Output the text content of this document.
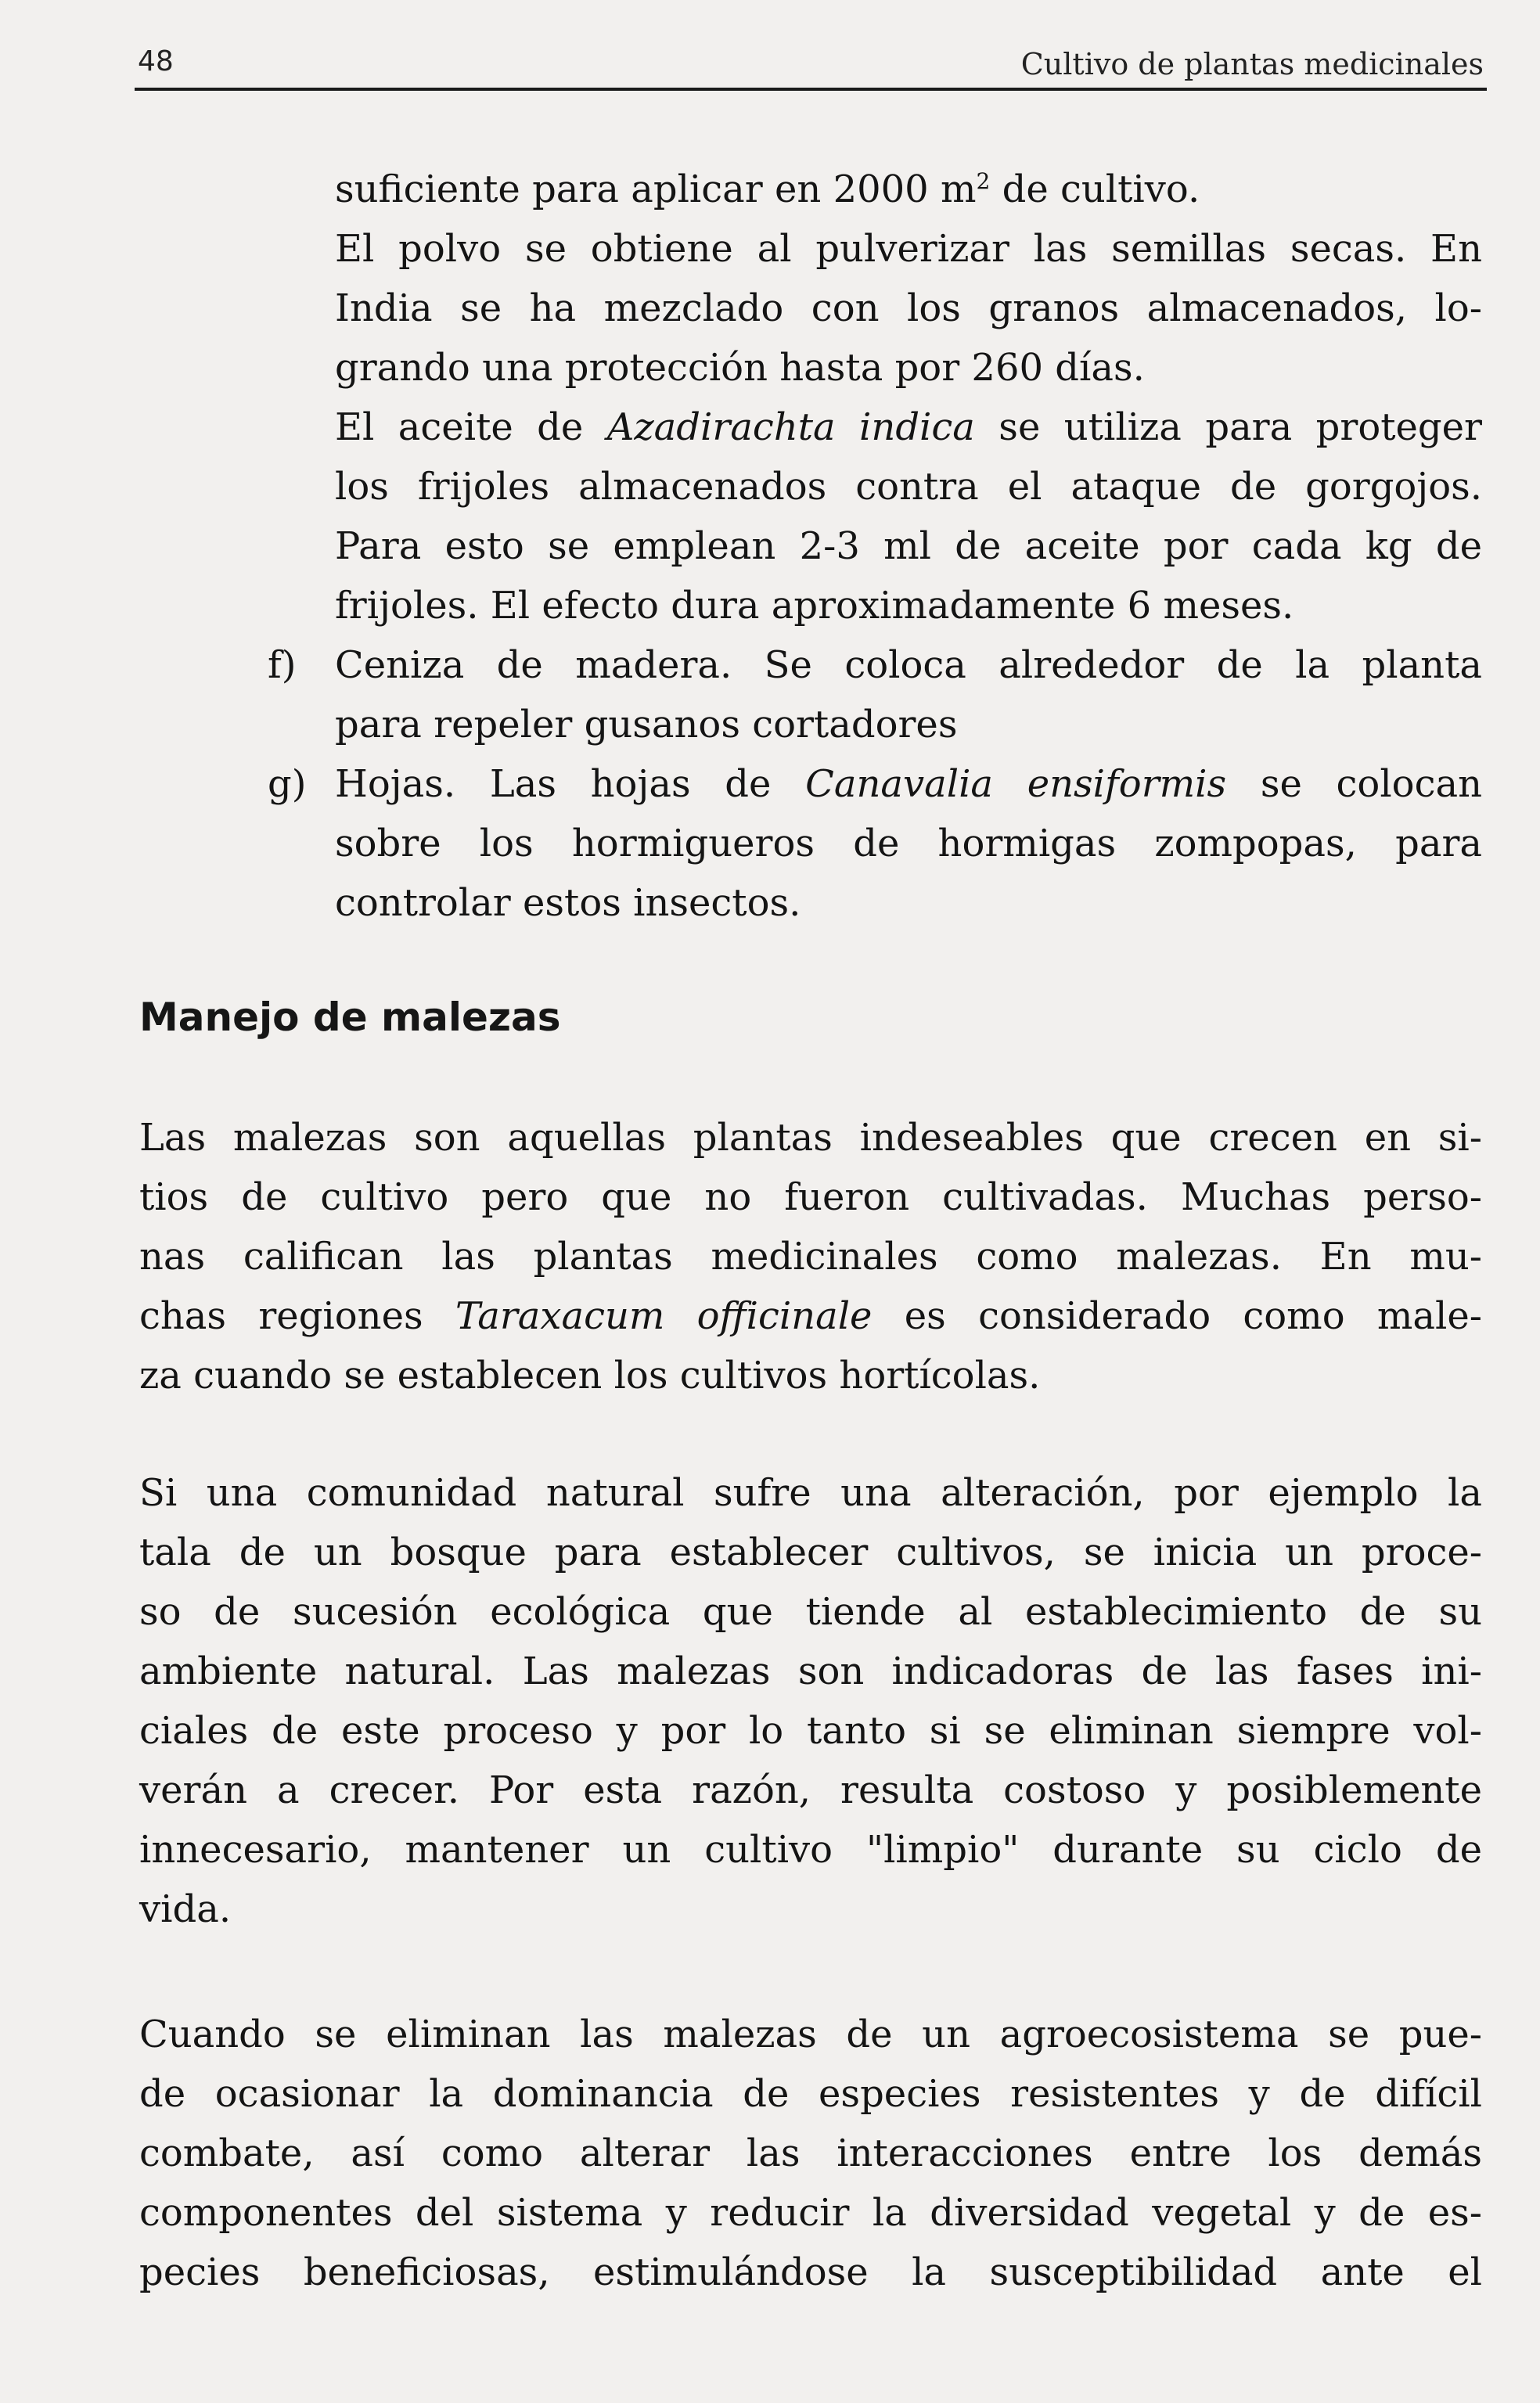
48	Cultivo de plantas medicinales
suficiente para aplicar en 2000 $m^2$ de cultivo.
El polvo se obtiene al pulverizar las semillas secas. En
India se ha mezclado con los granos almacenados, lo-
grando una protección hasta por 260 días.
El aceite de Azadirachta indica se utiliza para proteger
los frijoles almacenados contra el ataque de gorgojos.
Para esto se emplean 2-3 ml de aceite por cada kg de
frijoles. El efecto dura aproximadamente 6 meses.
f) Ceniza de madera. Se coloca alrededor de la planta
para repeler gusanos cortadores
g) Hojas. Las hojas de Canavalia ensiformis se colocan
sobre los hormigueros de hormigas zompopas, para
controlar estos insectos.
Manejo de malezas
Las malezas son aquellas plantas indeseables que crecen en si-
tios de cultivo pero que no fueron cultivadas. Muchas perso-
nas califican las plantas medicinales como malezas. En mu-
chas regiones Taraxacum officinale es considerado como male-
za cuando se establecen los cultivos hortícolas.
Si una comunidad natural sufre una alteración, por ejemplo la
tala de un bosque para establecer cultivos, se inicia un proce-
so de sucesión ecológica que tiende al establecimiento de su
ambiente natural. Las malezas son indicadoras de las fases ini-
ciales de este proceso y por lo tanto si se eliminan siempre vol-
verán a crecer. Por esta razón, resulta costoso y posiblemente
innecesario, mantener un cultivo "limpio" durante su ciclo de
vida.
Cuando se eliminan las malezas de un agroecosistema se pue-
de ocasionar la dominancia de especies resistentes y de difícil
combate, así como alterar las interacciones entre los demás
componentes del sistema y reducir la diversidad vegetal y de es-
pecies beneficiosas, estimulándose la susceptibilidad ante el
